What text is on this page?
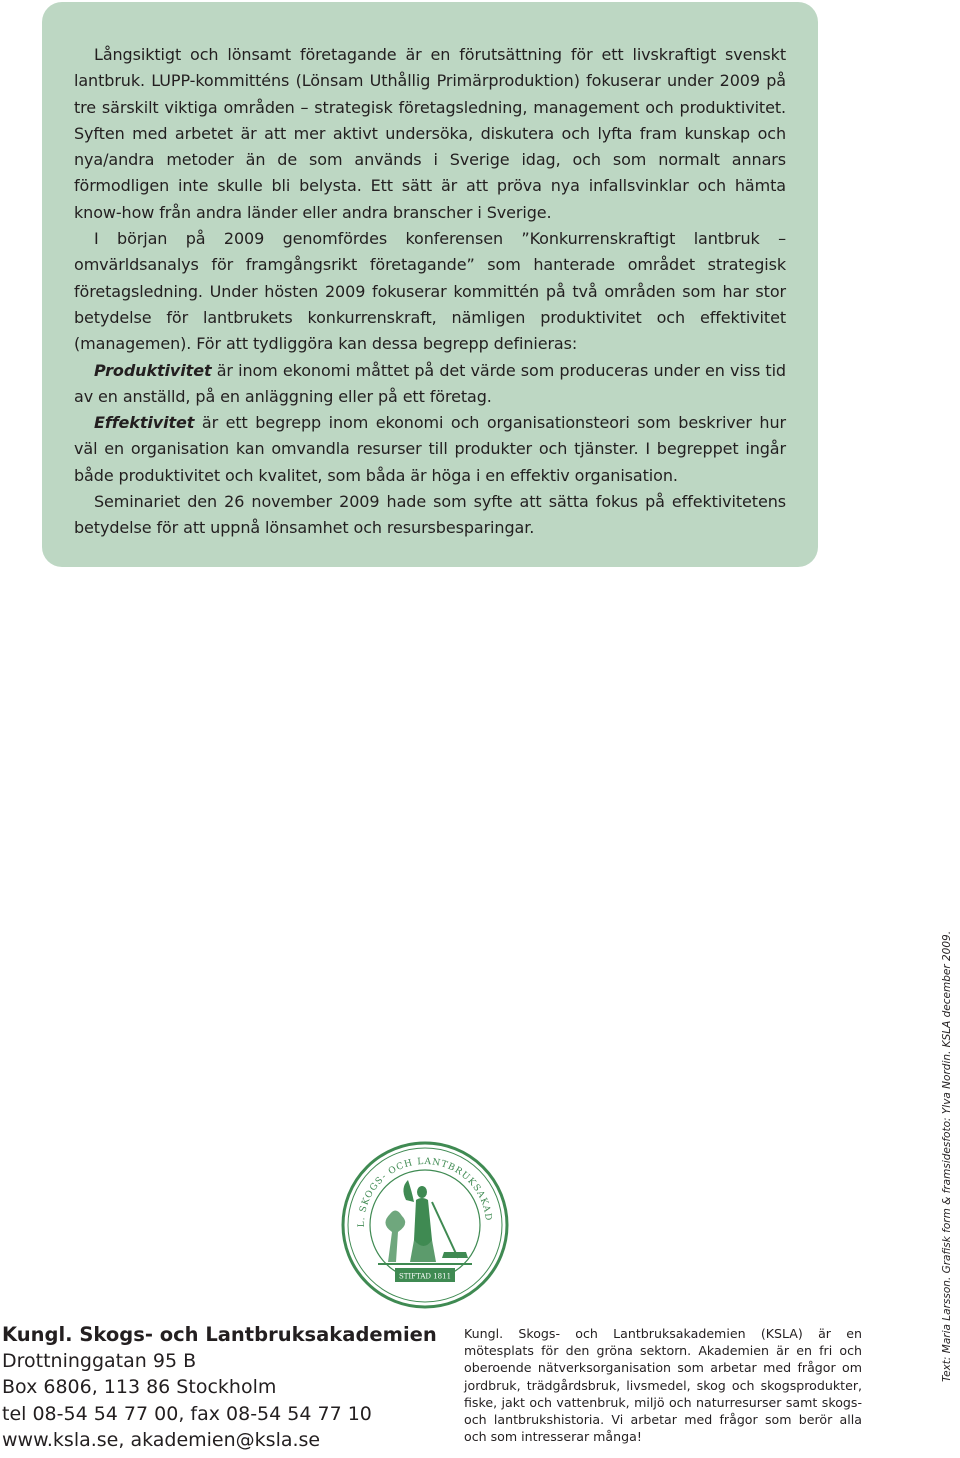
Långsiktigt och lönsamt företagande är en förutsättning för ett livskraftigt svenskt lantbruk. LUPP-kommitténs (Lönsam Uthållig Primärproduktion) fokuserar under 2009 på tre särskilt viktiga områden – strategisk företagsledning, management och produktivitet. Syften med arbetet är att mer aktivt undersöka, diskutera och lyfta fram kunskap och nya/andra metoder än de som används i Sverige idag, och som normalt annars förmodligen inte skulle bli belysta. Ett sätt är att pröva nya infallsvinklar och hämta know-how från andra länder eller andra branscher i Sverige.

I början på 2009 genomfördes konferensen ”Konkurrenskraftigt lantbruk – omvärldsanalys för framgångsrikt företagande” som hanterade området strategisk företagsledning. Under hösten 2009 fokuserar kommittén på två områden som har stor betydelse för lantbrukets konkurrenskraft, nämligen produktivitet och effektivitet (managemen). För att tydliggöra kan dessa begrepp definieras:

Produktivitet är inom ekonomi måttet på det värde som produceras under en viss tid av en anställd, på en anläggning eller på ett företag.

Effektivitet är ett begrepp inom ekonomi och organisationsteori som beskriver hur väl en organisation kan omvandla resurser till produkter och tjänster. I begreppet ingår både produktivitet och kvalitet, som båda är höga i en effektiv organisation.

Seminariet den 26 november 2009 hade som syfte att sätta fokus på effektivitetens betydelse för att uppnå lönsamhet och resursbesparingar.

L. SKOGS- OCH LANTBRUKSAKAD
STIFTAD 1811
Kungl. Skogs- och Lantbruksakademien
Drottninggatan 95 B
Box 6806, 113 86 Stockholm
tel 08-54 54 77 00, fax 08-54 54 77 10
www.ksla.se, akademien@ksla.se
Kungl. Skogs- och Lantbruksakademien (KSLA) är en mötesplats för den gröna sektorn. Akademien är en fri och oberoende nätverksorganisation som arbetar med frågor om jordbruk, trädgårdsbruk, livsmedel, skog och skogsprodukter, fiske, jakt och vattenbruk, miljö och naturresurser samt skogs- och lantbrukshistoria. Vi arbetar med frågor som berör alla och som intresserar många!
Text: Maria Larsson. Grafisk form & framsidesfoto: Ylva Nordin. KSLA december 2009.
